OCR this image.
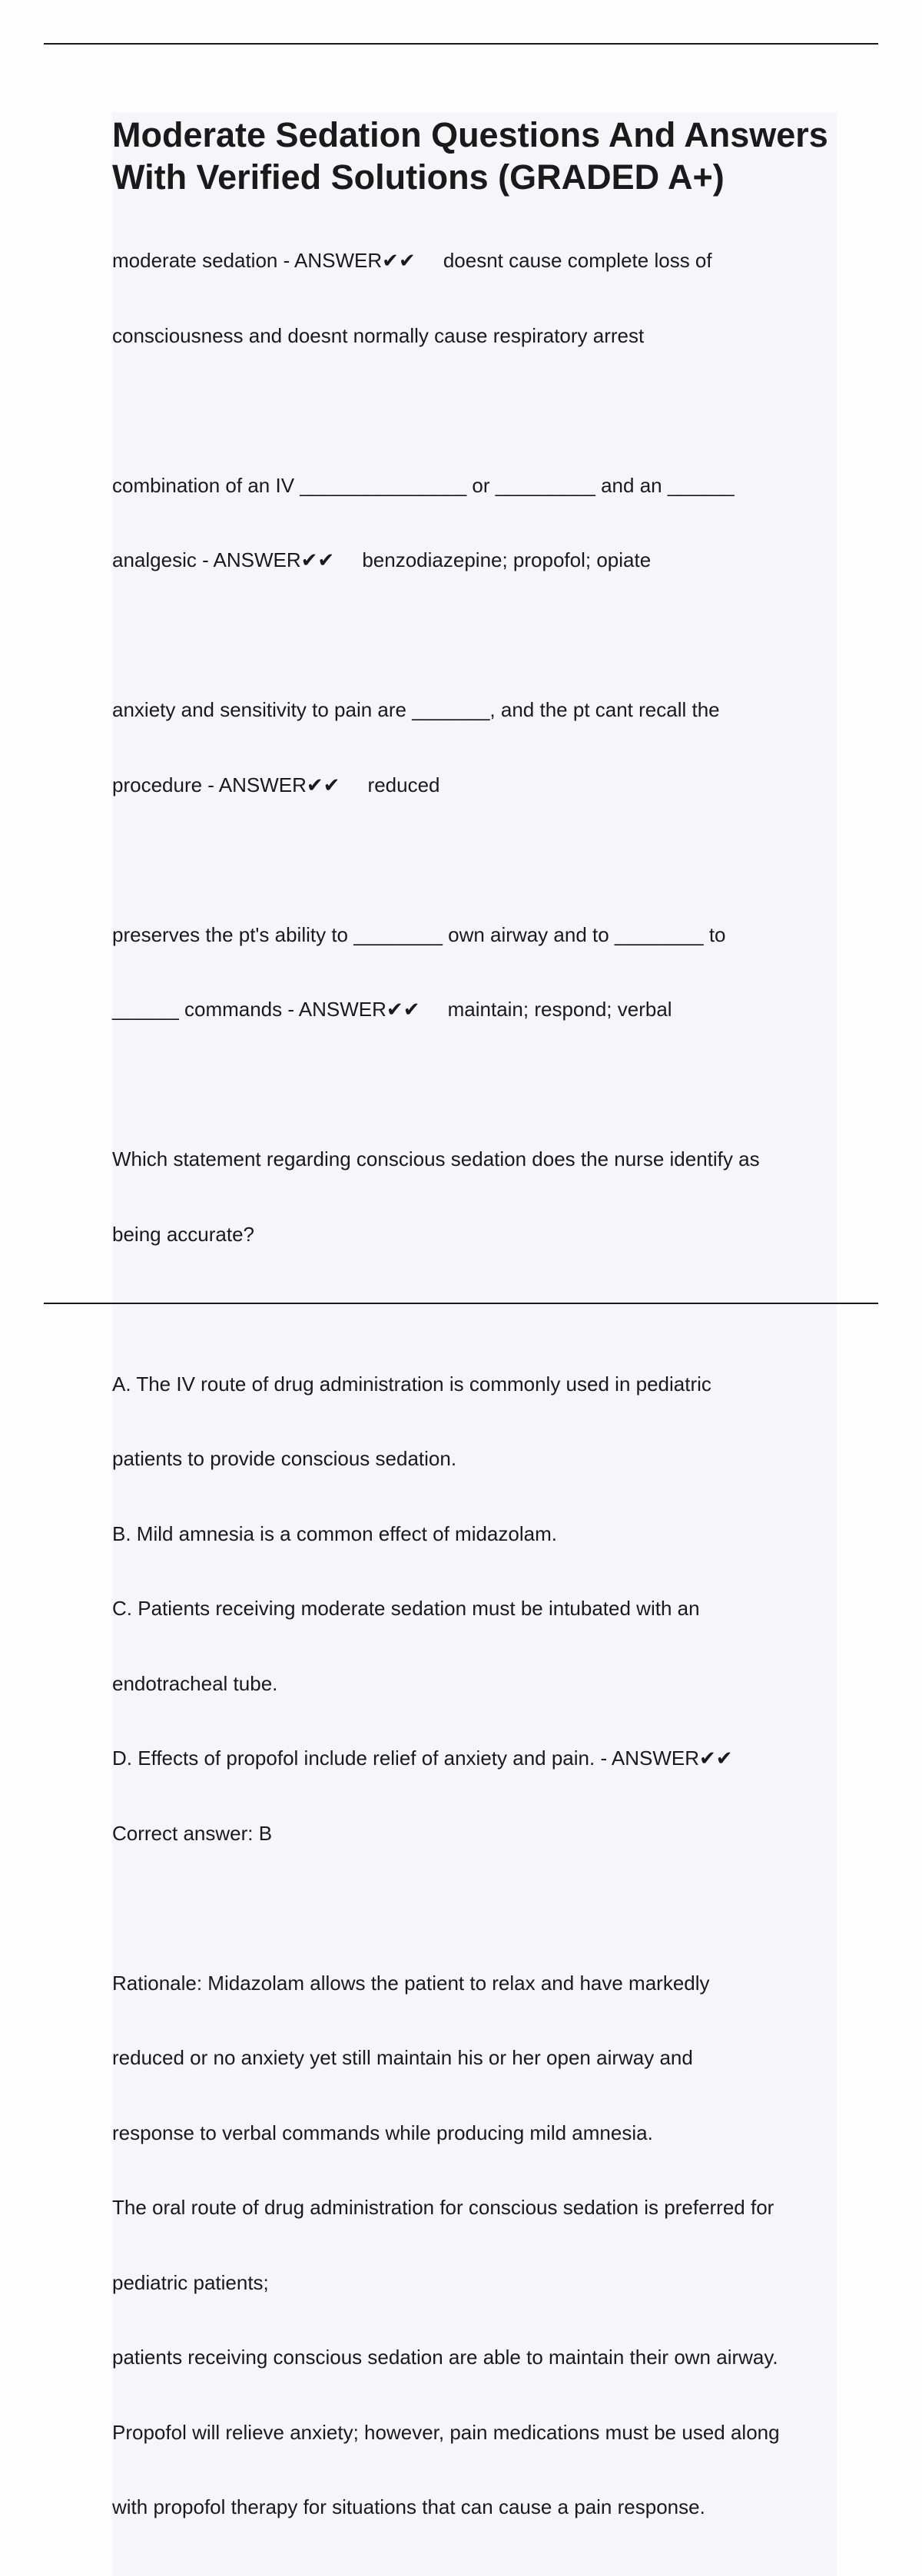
Moderate Sedation Questions And Answers With Verified Solutions (GRADED A+)

moderate sedation - ANSWER✔✔     doesnt cause complete loss of

consciousness and doesnt normally cause respiratory arrest

combination of an IV _______________ or _________ and an ______

analgesic - ANSWER✔✔     benzodiazepine; propofol; opiate

anxiety and sensitivity to pain are _______, and the pt cant recall the

procedure - ANSWER✔✔     reduced

preserves the pt's ability to ________ own airway and to ________ to

______ commands - ANSWER✔✔     maintain; respond; verbal

Which statement regarding conscious sedation does the nurse identify as

being accurate?

A. The IV route of drug administration is commonly used in pediatric

patients to provide conscious sedation.

B. Mild amnesia is a common effect of midazolam.

C. Patients receiving moderate sedation must be intubated with an

endotracheal tube.

D. Effects of propofol include relief of anxiety and pain. - ANSWER✔✔

Correct answer: B

Rationale: Midazolam allows the patient to relax and have markedly

reduced or no anxiety yet still maintain his or her open airway and

response to verbal commands while producing mild amnesia.

The oral route of drug administration for conscious sedation is preferred for

pediatric patients;

patients receiving conscious sedation are able to maintain their own airway.

Propofol will relieve anxiety; however, pain medications must be used along

with propofol therapy for situations that can cause a pain response.
